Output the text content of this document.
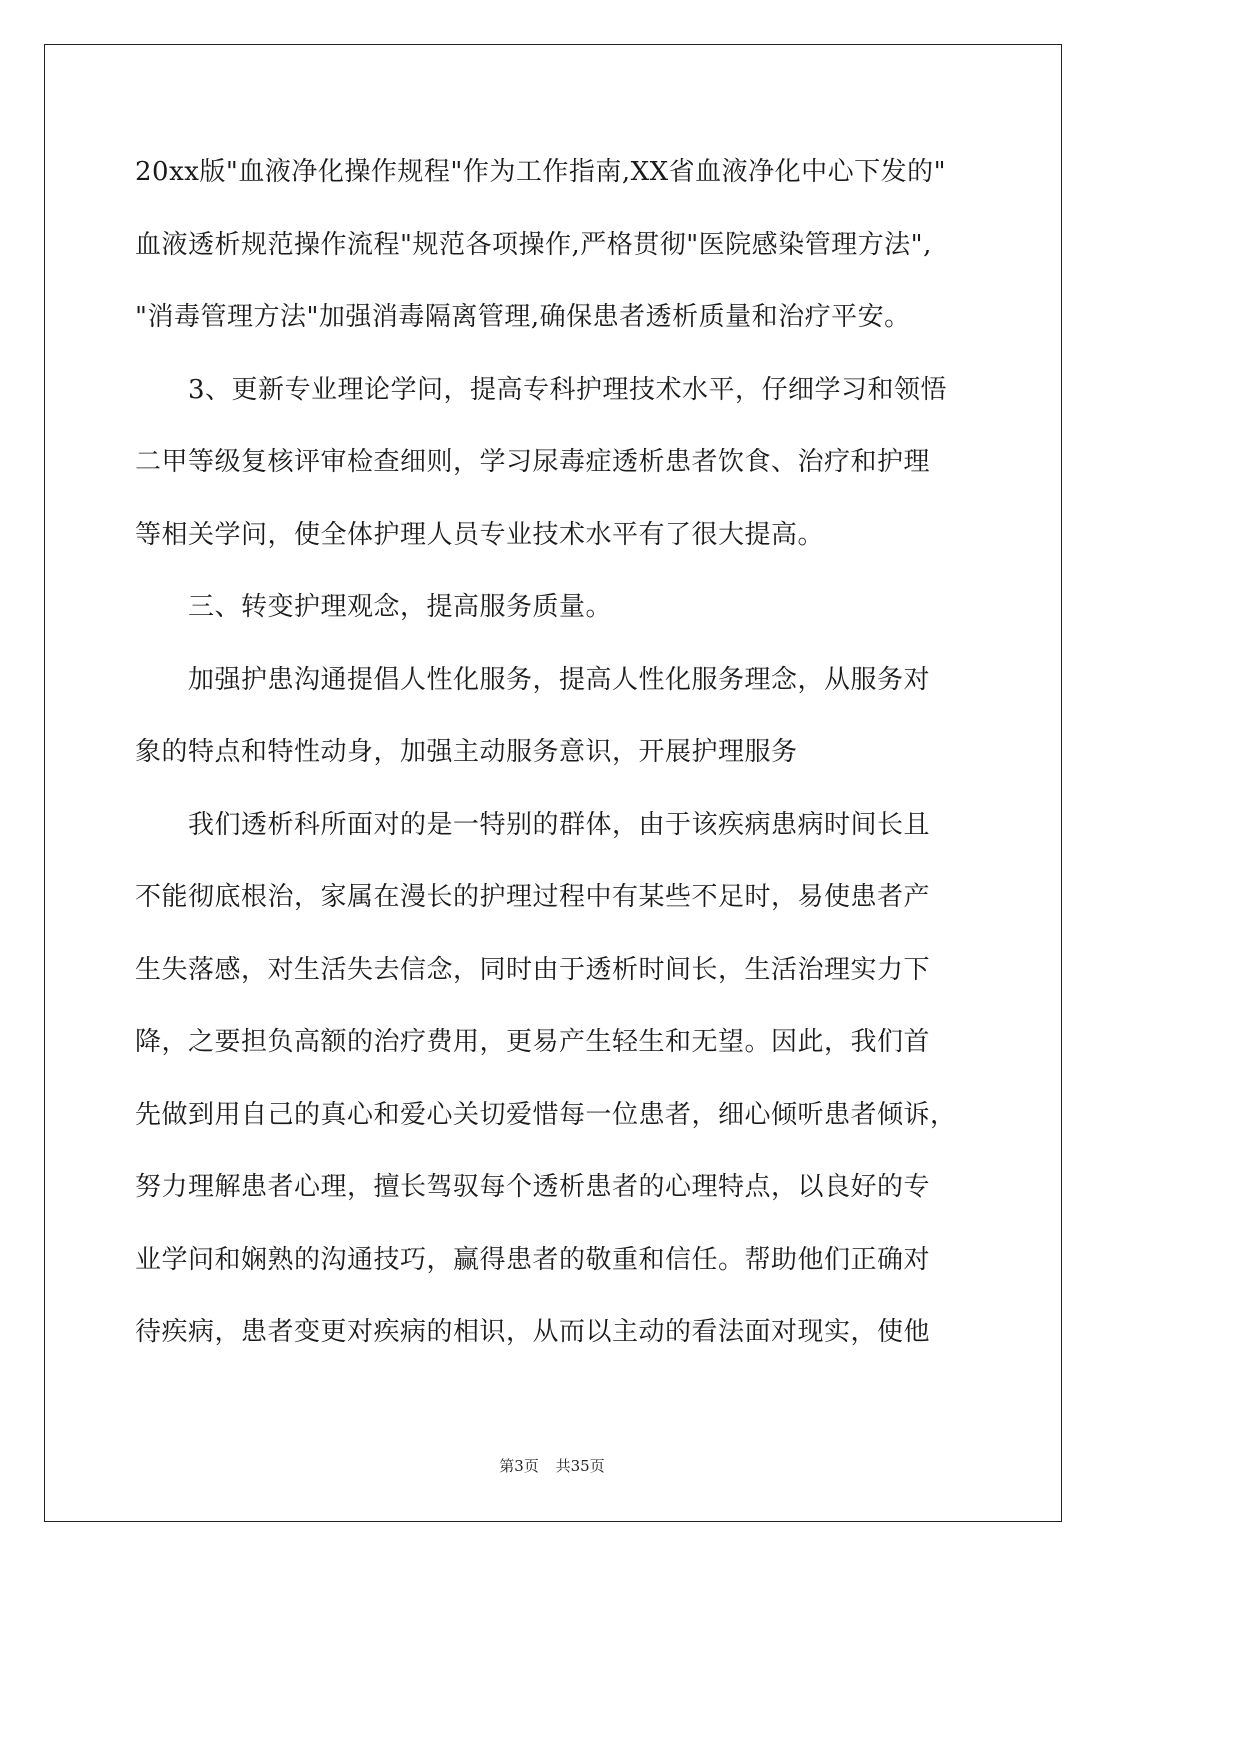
20xx版"血液净化操作规程"作为工作指南,XX省血液净化中心下发的"
血液透析规范操作流程"规范各项操作,严格贯彻"医院感染管理方法",
"消毒管理方法"加强消毒隔离管理,确保患者透析质量和治疗平安。
　　3、更新专业理论学问，提高专科护理技术水平，仔细学习和领悟
二甲等级复核评审检查细则，学习尿毒症透析患者饮食、治疗和护理
等相关学问，使全体护理人员专业技术水平有了很大提高。
　　三、转变护理观念，提高服务质量。
　　加强护患沟通提倡人性化服务，提高人性化服务理念，从服务对
象的特点和特性动身，加强主动服务意识，开展护理服务
　　我们透析科所面对的是一特别的群体，由于该疾病患病时间长且
不能彻底根治，家属在漫长的护理过程中有某些不足时，易使患者产
生失落感，对生活失去信念，同时由于透析时间长，生活治理实力下
降，之要担负高额的治疗费用，更易产生轻生和无望。因此，我们首
先做到用自己的真心和爱心关切爱惜每一位患者，细心倾听患者倾诉，
努力理解患者心理，擅长驾驭每个透析患者的心理特点，以良好的专
业学问和娴熟的沟通技巧，赢得患者的敬重和信任。帮助他们正确对
待疾病，患者变更对疾病的相识，从而以主动的看法面对现实，使他
第3页 共35页
